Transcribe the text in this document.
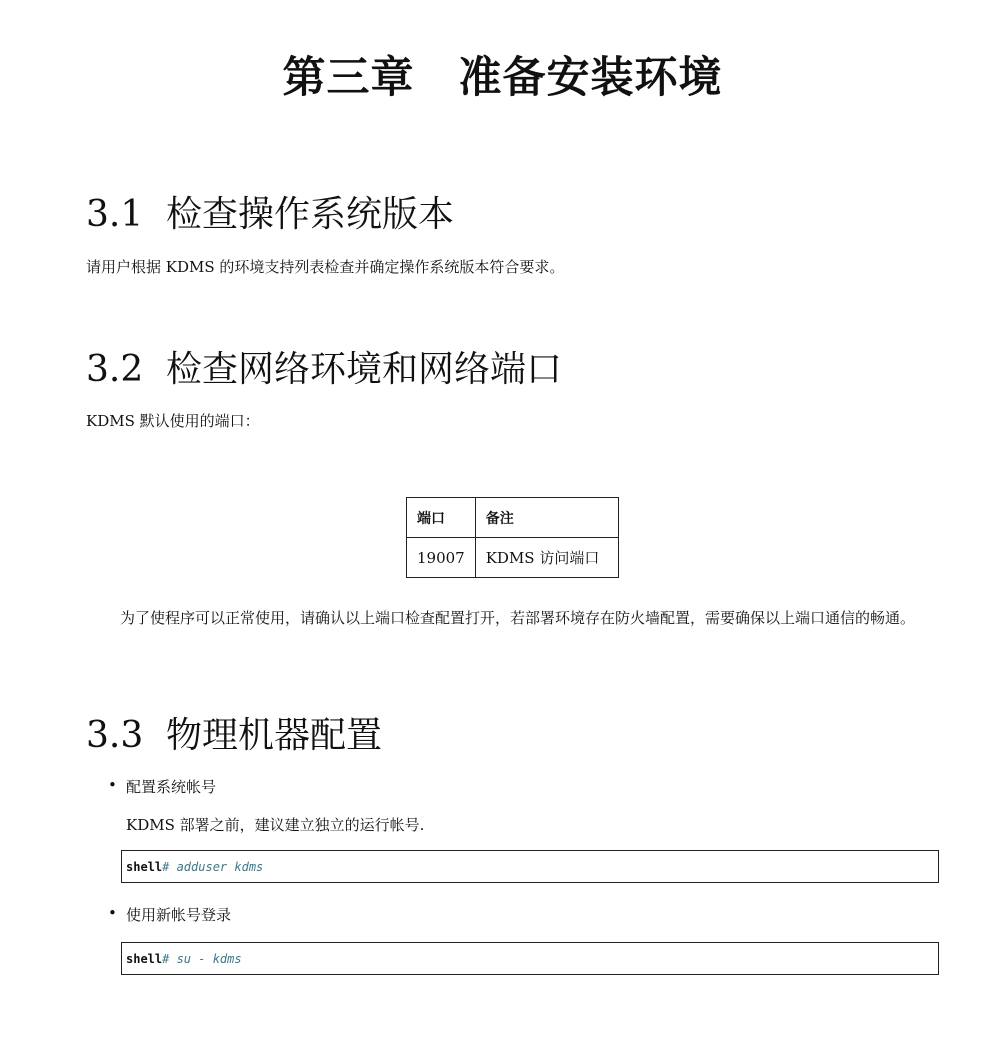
第三章　准备安装环境
3.1 检查操作系统版本

请用户根据 KDMS 的环境支持列表检查并确定操作系统版本符合要求。

3.2 检查网络环境和网络端口

KDMS 默认使用的端口：

端口	备注
19007	KDMS 访问端口

为了使程序可以正常使用，请确认以上端口检查配置打开，若部署环境存在防火墙配置，需要确保以上端口通信的畅通。

3.3 物理机器配置
• 配置系统帐号

KDMS 部署之前，建议建立独立的运行帐号.

shell # adduser kdms
• 使用新帐号登录
shell # su - kdms
